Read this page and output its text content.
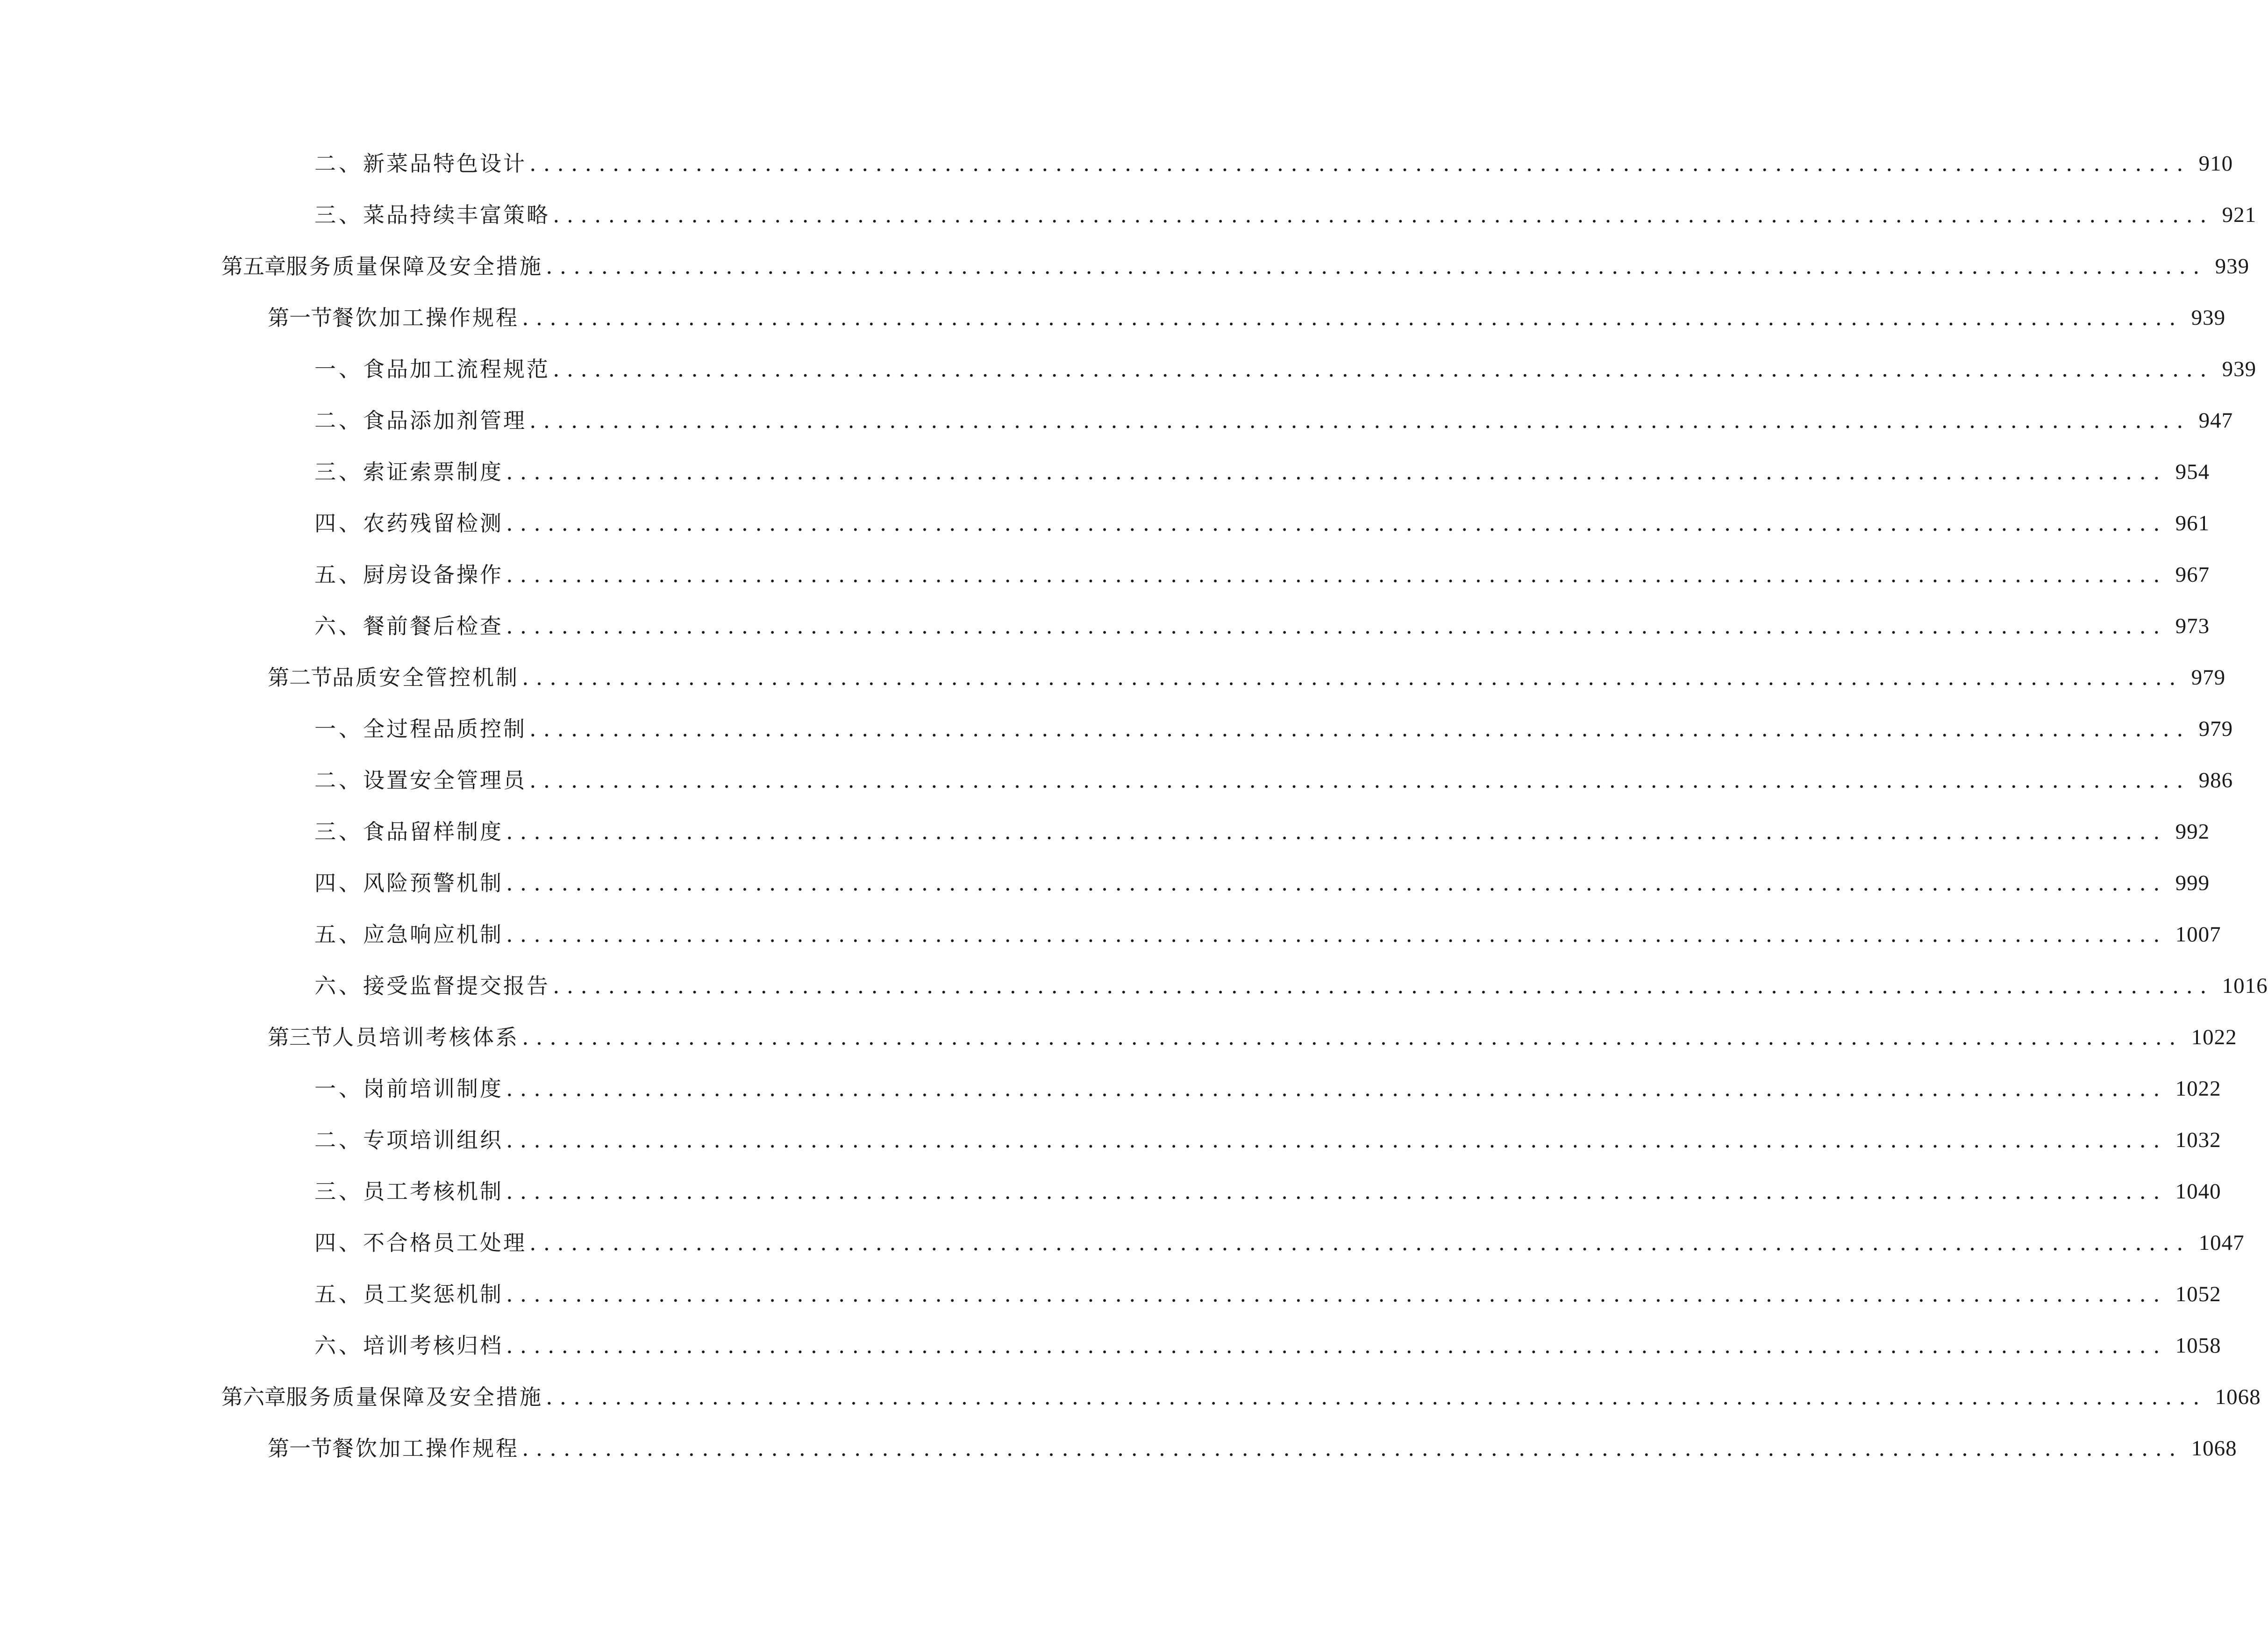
二、 新菜品特色设计 ........................................................................................................................ 910
三、 菜品持续丰富策略 ........................................................................................................................ 921
第五章 服务质量保障及安全措施 ........................................................................................................................ 939
第一节 餐饮加工操作规程 ........................................................................................................................ 939
一、 食品加工流程规范 ........................................................................................................................ 939
二、 食品添加剂管理 ........................................................................................................................ 947
三、 索证索票制度 ........................................................................................................................ 954
四、 农药残留检测 ........................................................................................................................ 961
五、 厨房设备操作 ........................................................................................................................ 967
六、 餐前餐后检查 ........................................................................................................................ 973
第二节 品质安全管控机制 ........................................................................................................................ 979
一、 全过程品质控制 ........................................................................................................................ 979
二、 设置安全管理员 ........................................................................................................................ 986
三、 食品留样制度 ........................................................................................................................ 992
四、 风险预警机制 ........................................................................................................................ 999
五、 应急响应机制 ........................................................................................................................ 1007
六、 接受监督提交报告 ........................................................................................................................ 1016
第三节 人员培训考核体系 ........................................................................................................................ 1022
一、 岗前培训制度 ........................................................................................................................ 1022
二、 专项培训组织 ........................................................................................................................ 1032
三、 员工考核机制 ........................................................................................................................ 1040
四、 不合格员工处理 ........................................................................................................................ 1047
五、 员工奖惩机制 ........................................................................................................................ 1052
六、 培训考核归档 ........................................................................................................................ 1058
第六章 服务质量保障及安全措施 ........................................................................................................................ 1068
第一节 餐饮加工操作规程 ........................................................................................................................ 1068
